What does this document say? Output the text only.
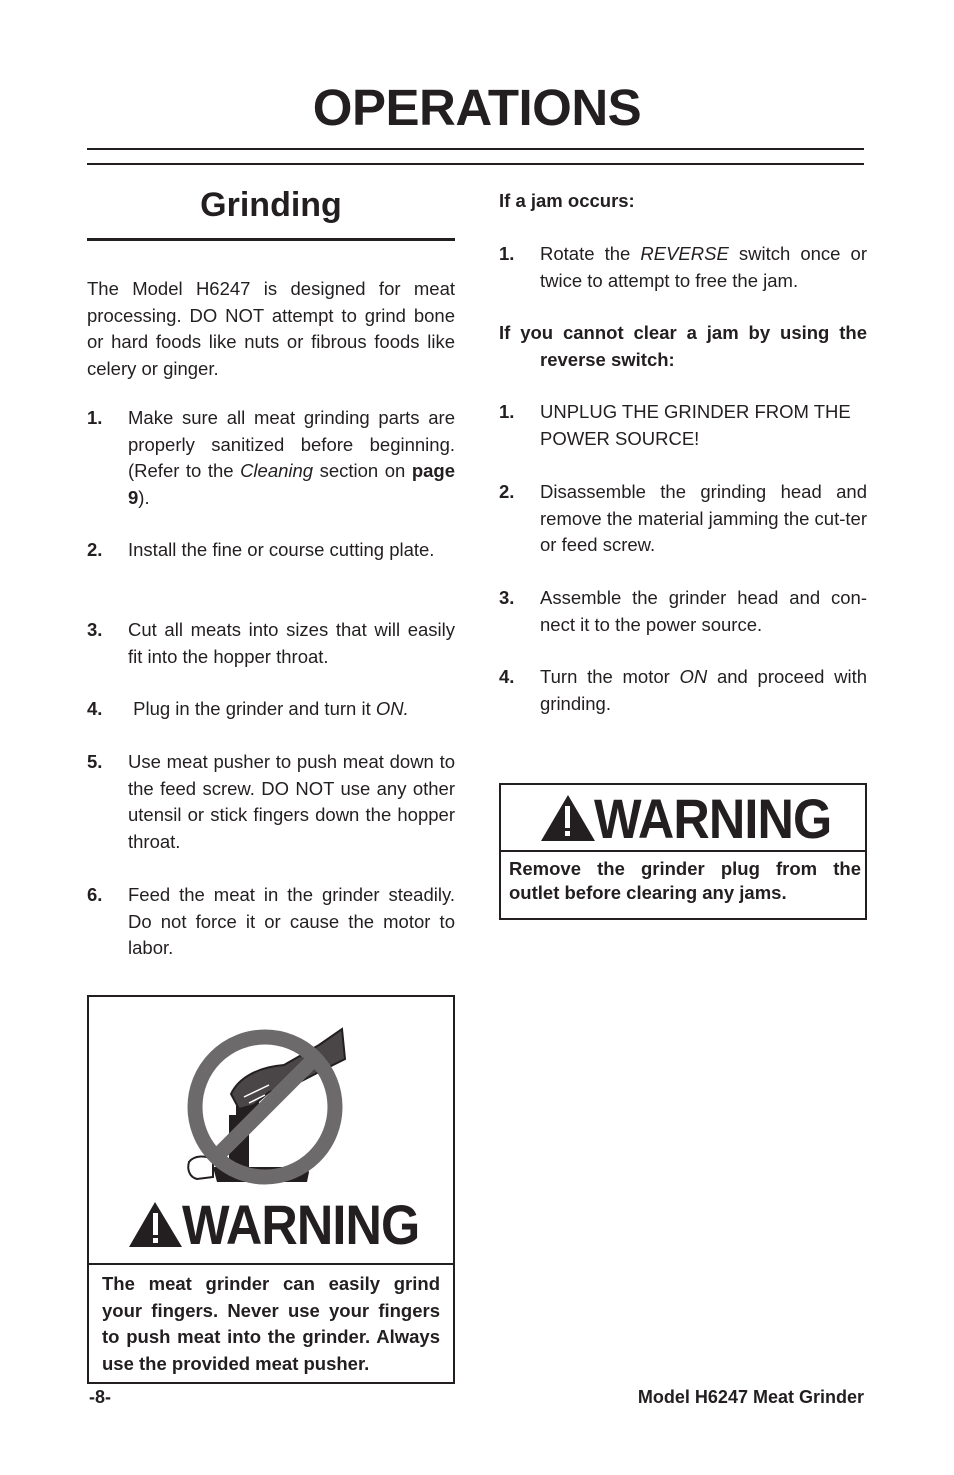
OPERATIONS
Grinding

The Model H6247 is designed for meat processing. DO NOT attempt to grind bone or hard foods like nuts or fibrous foods like celery or ginger.

1. Make sure all meat grinding parts are properly sanitized before beginning. (Refer to the Cleaning section on page 9).
2. Install the fine or course cutting plate.
3. Cut all meats into sizes that will easily fit into the hopper throat.
4. Plug in the grinder and turn it ON.
5. Use meat pusher to push meat down to the feed screw. DO NOT use any other utensil or stick fingers down the hopper throat.
6. Feed the meat in the grinder steadily. Do not force it or cause the motor to labor.
WARNING
The meat grinder can easily grind your fingers. Never use your fingers to push meat into the grinder. Always use the provided meat pusher.
If a jam occurs:
1. Rotate the REVERSE switch once or twice to attempt to free the jam.
If you cannot clear a jam by using the reverse switch:
1. UNPLUG THE GRINDER FROM THE POWER SOURCE!
2. Disassemble the grinding head and remove the material jamming the cut-ter or feed screw.
3. Assemble the grinder head and con-nect it to the power source.
4. Turn the motor ON and proceed with grinding.
WARNING
Remove the grinder plug from the outlet before clearing any jams.
-8-	Model H6247 Meat Grinder
